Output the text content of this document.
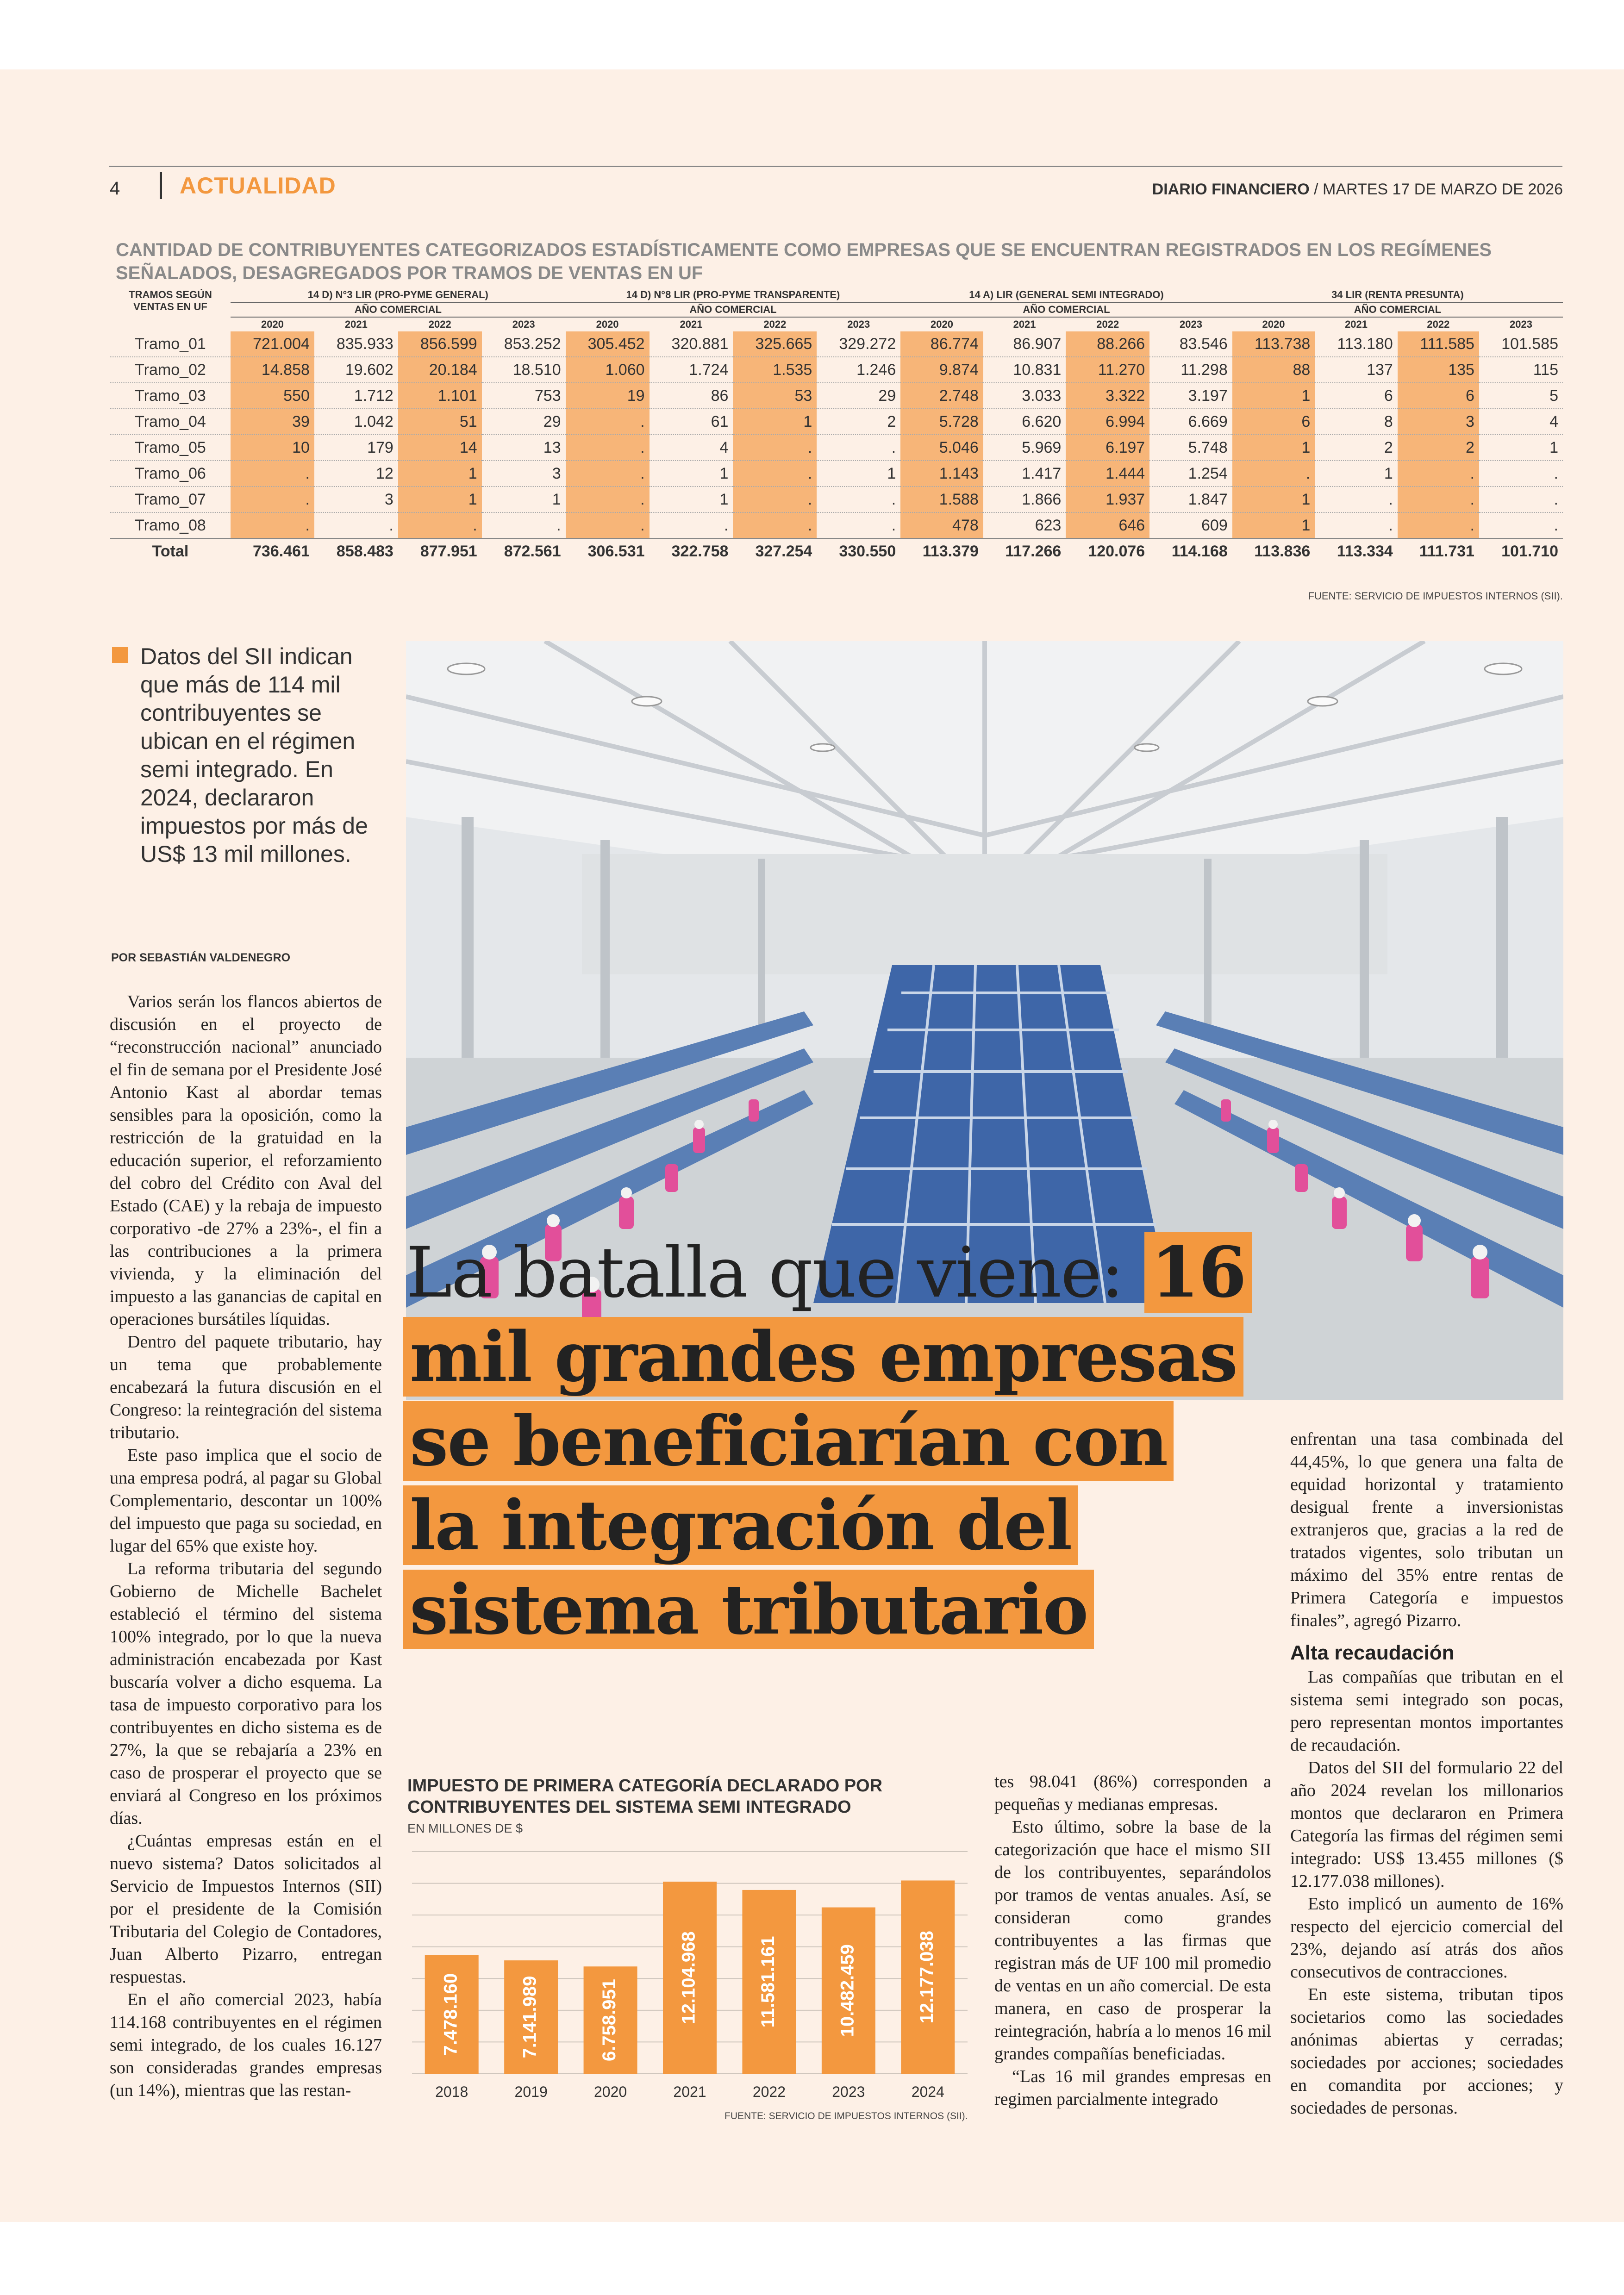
4	ACTUALIDAD	DIARIO FINANCIERO / MARTES 17 DE MARZO DE 2026
CANTIDAD DE CONTRIBUYENTES CATEGORIZADOS ESTADÍSTICAMENTE COMO EMPRESAS QUE SE ENCUENTRAN REGISTRADOS EN LOS REGÍMENES SEÑALADOS, DESAGREGADOS POR TRAMOS DE VENTAS EN UF
TRAMOS SEGÚN VENTAS EN UF	14 D) N°3 LIR (PRO-PYME GENERAL)				14 D) N°8 LIR (PRO-PYME TRANSPARENTE)				14 A) LIR (GENERAL SEMI INTEGRADO)				34 LIR (RENTA PRESUNTA)			
	AÑO COMERCIAL				AÑO COMERCIAL				AÑO COMERCIAL				AÑO COMERCIAL			
	2020	2021	2022	2023	2020	2021	2022	2023	2020	2021	2022	2023	2020	2021	2022	2023
Tramo_01	721.004	835.933	856.599	853.252	305.452	320.881	325.665	329.272	86.774	86.907	88.266	83.546	113.738	113.180	111.585	101.585
Tramo_02	14.858	19.602	20.184	18.510	1.060	1.724	1.535	1.246	9.874	10.831	11.270	11.298	88	137	135	115
Tramo_03	550	1.712	1.101	753	19	86	53	29	2.748	3.033	3.322	3.197	1	6	6	5
Tramo_04	39	1.042	51	29	.	61	1	2	5.728	6.620	6.994	6.669	6	8	3	4
Tramo_05	10	179	14	13	.	4	.	.	5.046	5.969	6.197	5.748	1	2	2	1
Tramo_06	.	12	1	3	.	1	.	1	1.143	1.417	1.444	1.254	.	1	.	.
Tramo_07	.	3	1	1	.	1	.	.	1.588	1.866	1.937	1.847	1	.	.	.
Tramo_08	.	.	.	.	.	.	.	.	478	623	646	609	1	.	.	.
Total	736.461	858.483	877.951	872.561	306.531	322.758	327.254	330.550	113.379	117.266	120.076	114.168	113.836	113.334	111.731	101.710
FUENTE: SERVICIO DE IMPUESTOS INTERNOS (SII).
Datos del SII indican que más de 114 mil contribuyentes se ubican en el régimen semi integrado. En 2024, declararon impuestos por más de US$ 13 mil millones.
POR SEBASTIÁN VALDENEGRO
La batalla que viene: 16
mil grandes empresas
se beneficiarían con
la integración del
sistema tributario

Varios serán los flancos abiertos de discusión en el proyecto de “reconstrucción nacional” anunciado el fin de semana por el Presidente José Antonio Kast al abordar temas sensibles para la oposición, como la restricción de la gratuidad en la educación superior, el reforzamiento del cobro del Crédito con Aval del Estado (CAE) y la rebaja de impuesto corporativo -de 27% a 23%-, el fin a las contribuciones a la primera vivienda, y la eliminación del impuesto a las ganancias de capital en operaciones bursátiles líquidas.

Dentro del paquete tributario, hay un tema que probablemente encabezará la futura discusión en el Congreso: la reintegración del sistema tributario.

Este paso implica que el socio de una empresa podrá, al pagar su Global Complementario, descontar un 100% del impuesto que paga su sociedad, en lugar del 65% que existe hoy.

La reforma tributaria del segundo Gobierno de Michelle Bachelet estableció el término del sistema 100% integrado, por lo que la nueva administración encabezada por Kast buscaría volver a dicho esquema. La tasa de impuesto corporativo para los contribuyentes en dicho sistema es de 27%, la que se rebajaría a 23% en caso de prosperar el proyecto que se enviará al Congreso en los próximos días.

¿Cuántas empresas están en el nuevo sistema? Datos solicitados al Servicio de Impuestos Internos (SII) por el presidente de la Comisión Tributaria del Colegio de Contadores, Juan Alberto Pizarro, entregan respuestas.

En el año comercial 2023, había 114.168 contribuyentes en el régimen semi integrado, de los cuales 16.127 son consideradas grandes empresas (un 14%), mientras que las restan-

IMPUESTO DE PRIMERA CATEGORÍA DECLARADO POR CONTRIBUYENTES DEL SISTEMA SEMI INTEGRADO
EN MILLONES DE $
7.478.160
2018
7.141.989
2019
6.758.951
2020
12.104.968
2021
11.581.161
2022
10.482.459
2023
12.177.038
2024
FUENTE: SERVICIO DE IMPUESTOS INTERNOS (SII).

tes 98.041 (86%) corresponden a pequeñas y medianas empresas.

Esto último, sobre la base de la categorización que hace el mismo SII de los contribuyentes, separándolos por tramos de ventas anuales. Así, se consideran como grandes contribuyentes a las firmas que registran más de UF 100 mil promedio de ventas en un año comercial. De esta manera, en caso de prosperar la reintegración, habría a lo menos 16 mil grandes compañías beneficiadas.

“Las 16 mil grandes empresas en regimen parcialmente integrado

enfrentan una tasa combinada del 44,45%, lo que genera una falta de equidad horizontal y tratamiento desigual frente a inversionistas extranjeros que, gracias a la red de tratados vigentes, solo tributan un máximo del 35% entre rentas de Primera Categoría e impuestos finales”, agregó Pizarro.

Alta recaudación

Las compañías que tributan en el sistema semi integrado son pocas, pero representan montos importantes de recaudación.

Datos del SII del formulario 22 del año 2024 revelan los millonarios montos que declararon en Primera Categoría las firmas del régimen semi integrado: US$ 13.455 millones ($ 12.177.038 millones).

Esto implicó un aumento de 16% respecto del ejercicio comercial del 23%, dejando así atrás dos años consecutivos de contracciones.

En este sistema, tributan tipos societarios como las sociedades anónimas abiertas y cerradas; sociedades por acciones; sociedades en comandita por acciones; y sociedades de personas.
